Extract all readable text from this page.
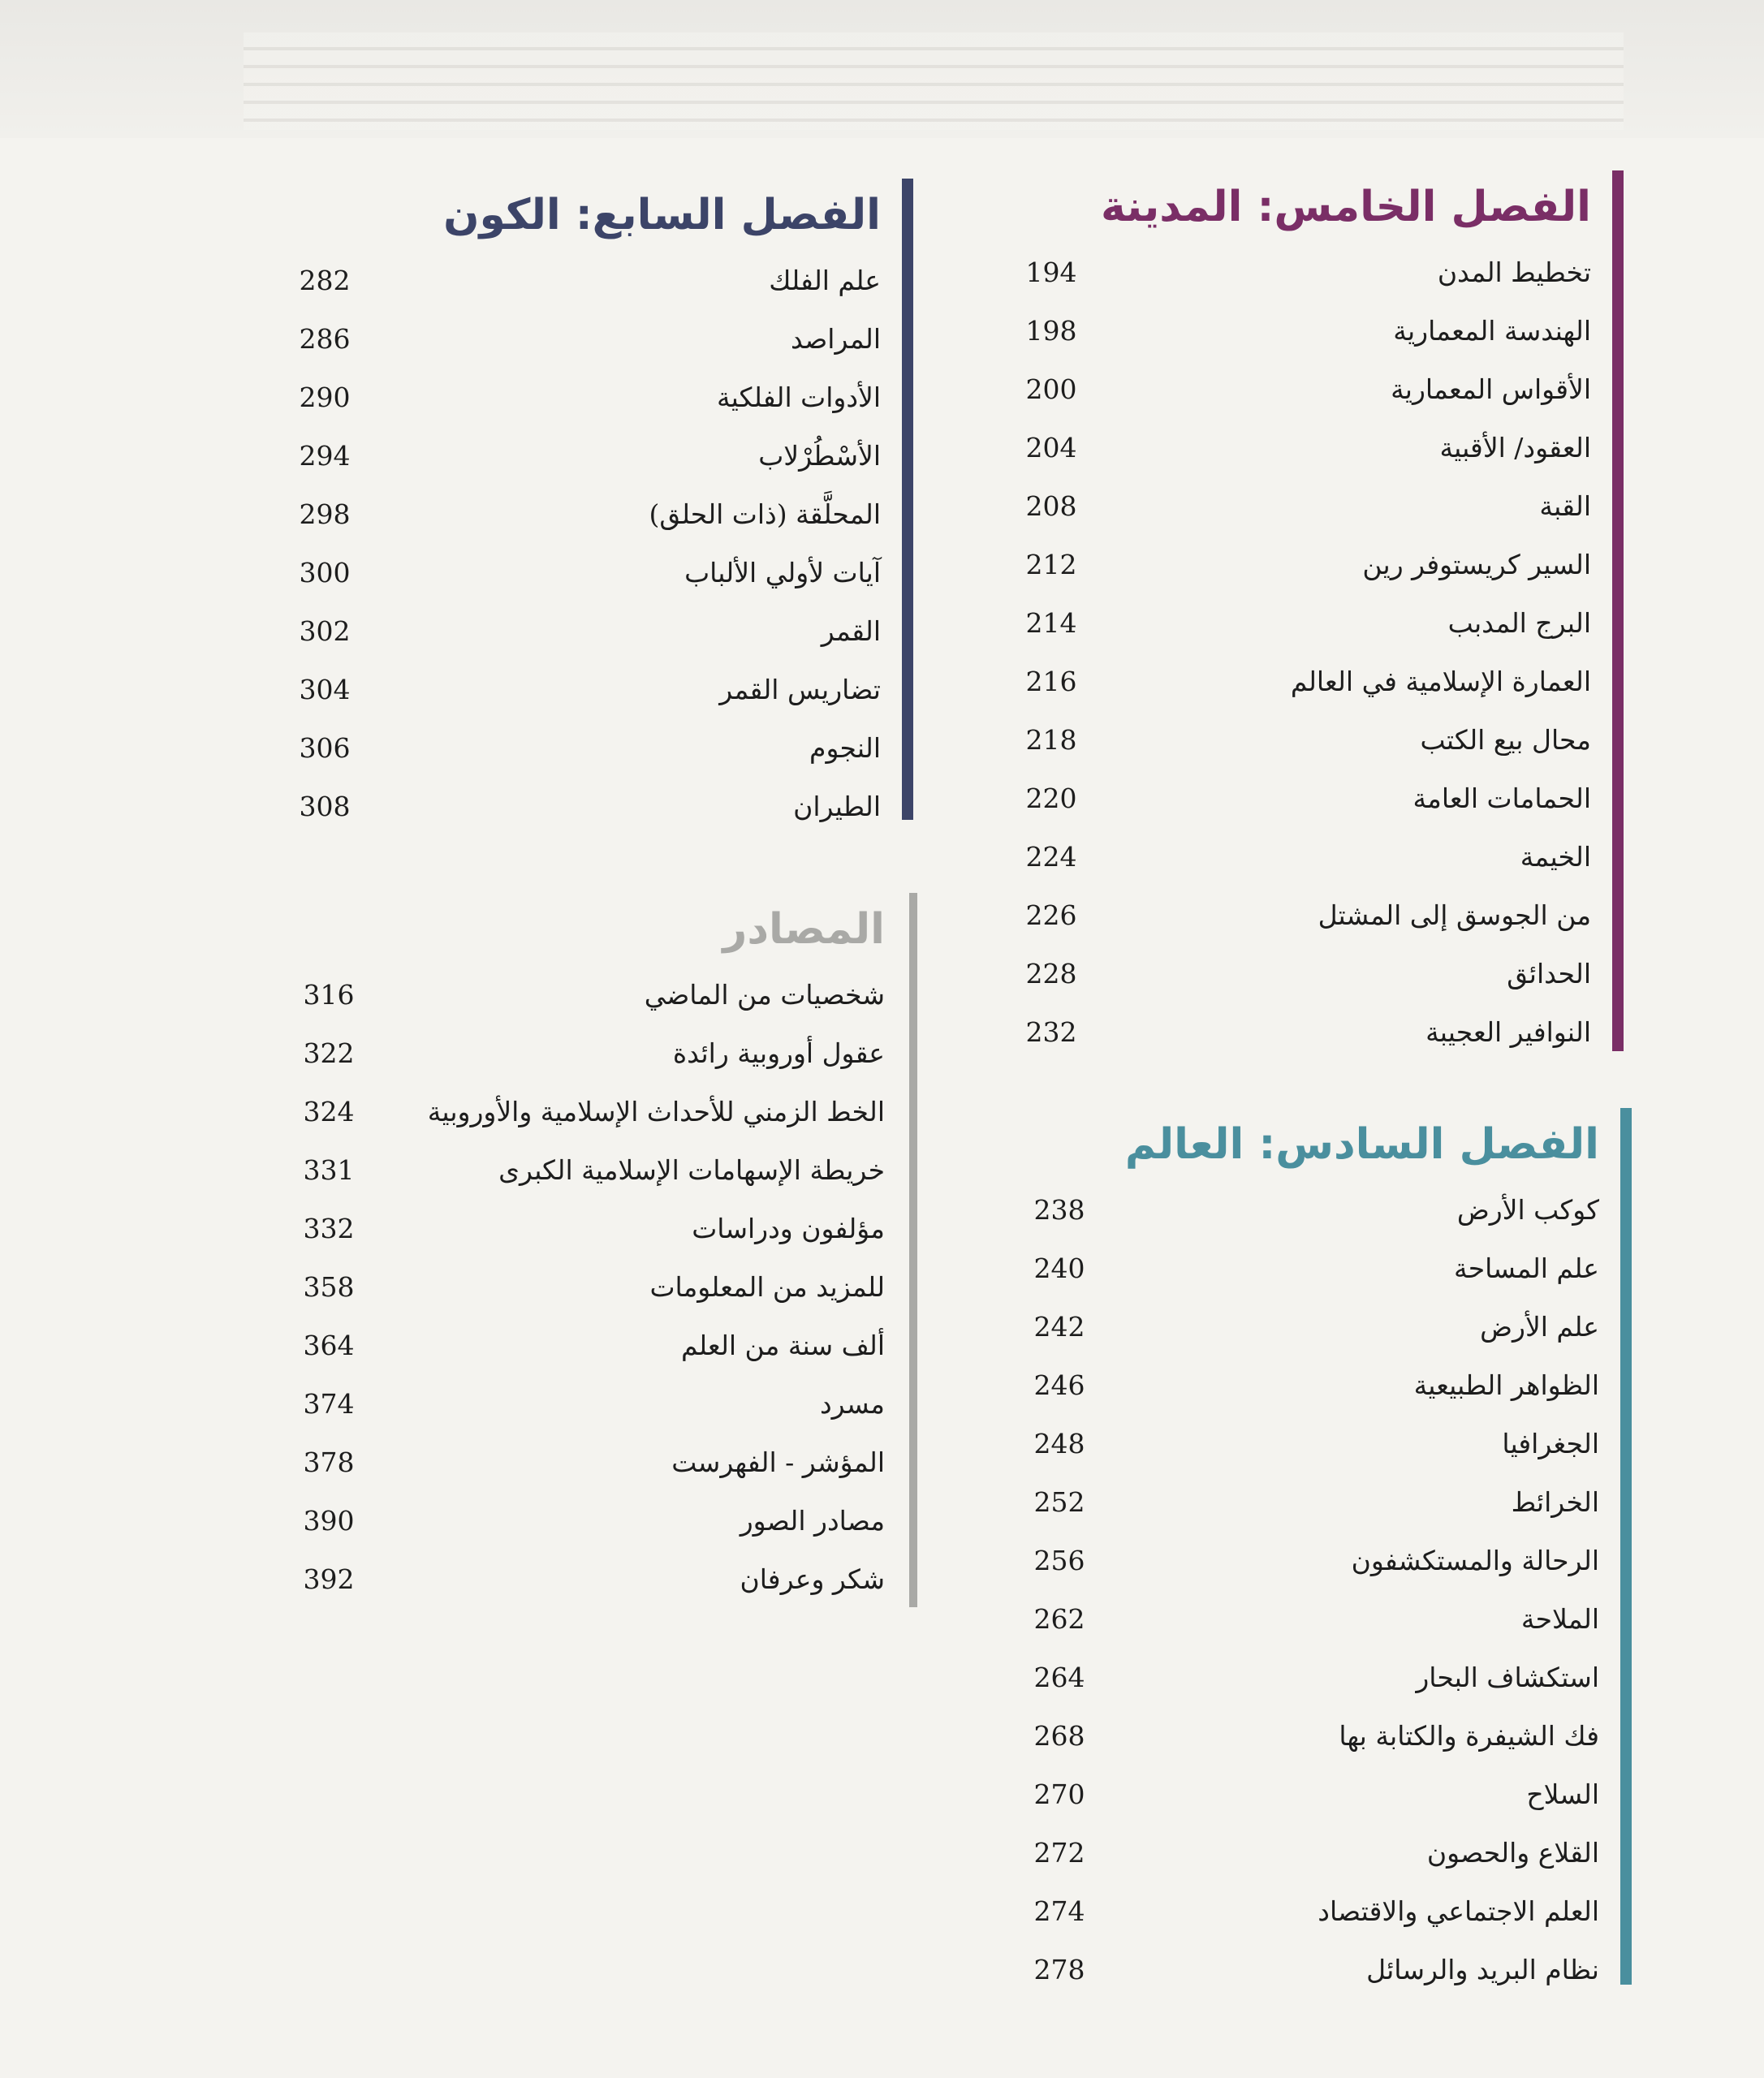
الفصل الخامس: المدينة
تخطيط المدن
194
الهندسة المعمارية
198
الأقواس المعمارية
200
العقود/ الأقبية
204
القبة
208
السير كريستوفر رين
212
البرج المدبب
214
العمارة الإسلامية في العالم
216
محال بيع الكتب
218
الحمامات العامة
220
الخيمة
224
من الجوسق إلى المشتل
226
الحدائق
228
النوافير العجيبة
232
الفصل السادس: العالم
كوكب الأرض
238
علم المساحة
240
علم الأرض
242
الظواهر الطبيعية
246
الجغرافيا
248
الخرائط
252
الرحالة والمستكشفون
256
الملاحة
262
استكشاف البحار
264
فك الشيفرة والكتابة بها
268
السلاح
270
القلاع والحصون
272
العلم الاجتماعي والاقتصاد
274
نظام البريد والرسائل
278
الفصل السابع: الكون
علم الفلك
282
المراصد
286
الأدوات الفلكية
290
الأسْطُرْلاب
294
المحلَّقة (ذات الحلق)
298
آيات لأولي الألباب
300
القمر
302
تضاريس القمر
304
النجوم
306
الطيران
308
المصادر
شخصيات من الماضي
316
عقول أوروبية رائدة
322
الخط الزمني للأحداث الإسلامية والأوروبية
324
خريطة الإسهامات الإسلامية الكبرى
331
مؤلفون ودراسات
332
للمزيد من المعلومات
358
ألف سنة من العلم
364
مسرد
374
المؤشر - الفهرست
378
مصادر الصور
390
شكر وعرفان
392
